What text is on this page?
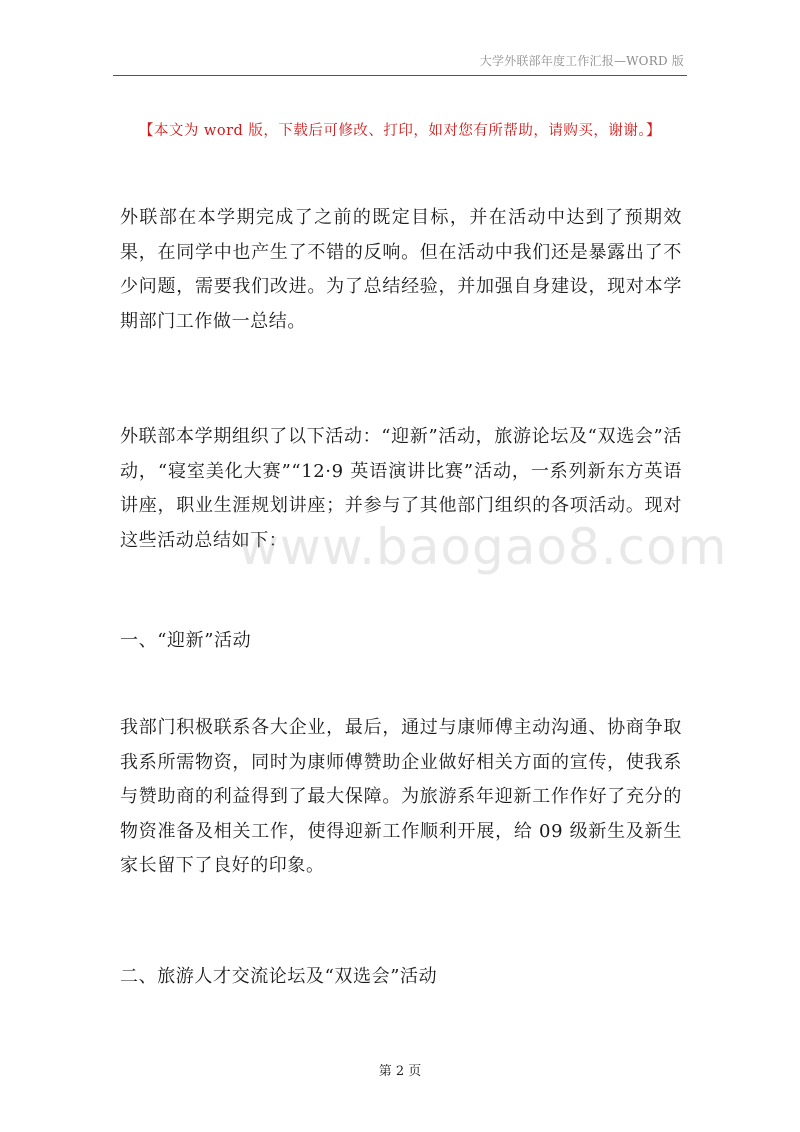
大学外联部年度工作汇报—WORD 版
【本文为 word 版，下载后可修改、打印，如对您有所帮助，请购买，谢谢。】

外联部在本学期完成了之前的既定目标，并在活动中达到了预期效果，在同学中也产生了不错的反响。但在活动中我们还是暴露出了不少问题，需要我们改进。为了总结经验，并加强自身建设，现对本学期部门工作做一总结。

外联部本学期组织了以下活动：“迎新”活动，旅游论坛及“双选会”活动，“寝室美化大赛”“12·9 英语演讲比赛”活动，一系列新东方英语讲座，职业生涯规划讲座；并参与了其他部门组织的各项活动。现对这些活动总结如下：

www.baogao8.com

一、“迎新”活动

我部门积极联系各大企业，最后，通过与康师傅主动沟通、协商争取我系所需物资，同时为康师傅赞助企业做好相关方面的宣传，使我系与赞助商的利益得到了最大保障。为旅游系年迎新工作作好了充分的物资准备及相关工作，使得迎新工作顺利开展，给 09 级新生及新生家长留下了良好的印象。

二、旅游人才交流论坛及“双选会”活动

第 2 页
